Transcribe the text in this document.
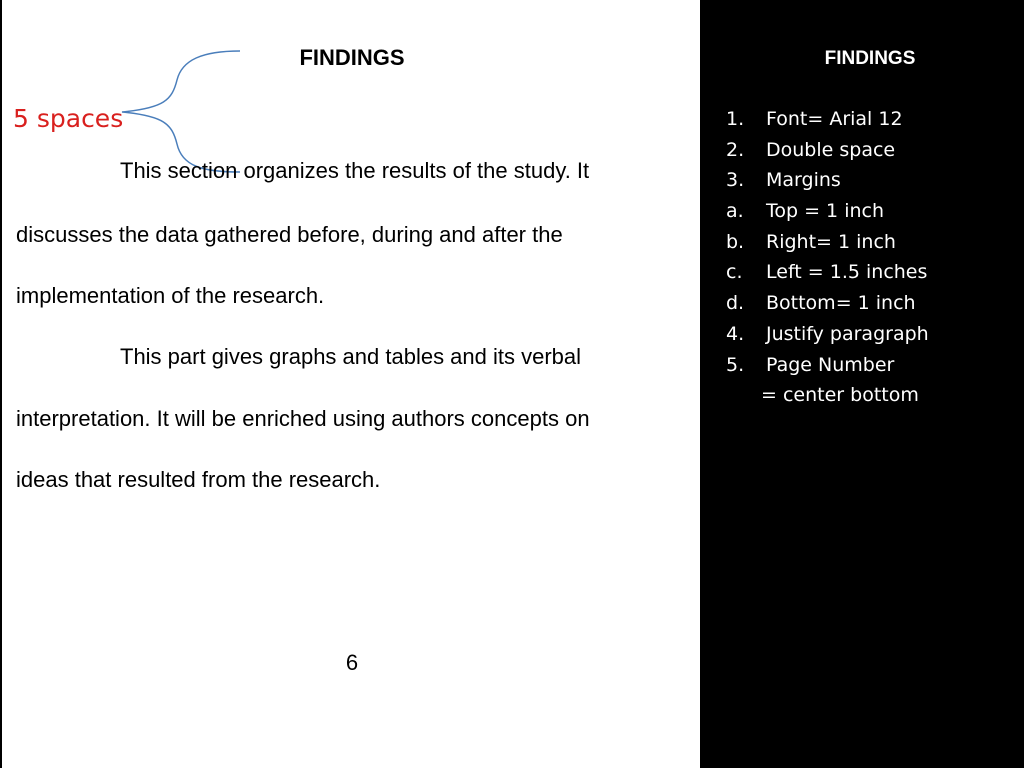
FINDINGS
5 spaces
This section organizes the results of the study. It
discusses the data gathered before, during and after the
implementation of the research.
This part gives graphs and tables and its verbal
interpretation. It will be enriched using authors concepts on
ideas that resulted from the research.
6
FINDINGS
1. Font= Arial 12
2. Double space
3. Margins
a. Top = 1 inch
b. Right= 1 inch
c. Left = 1.5 inches
d. Bottom= 1 inch
4. Justify paragraph
5. Page Number
= center bottom
